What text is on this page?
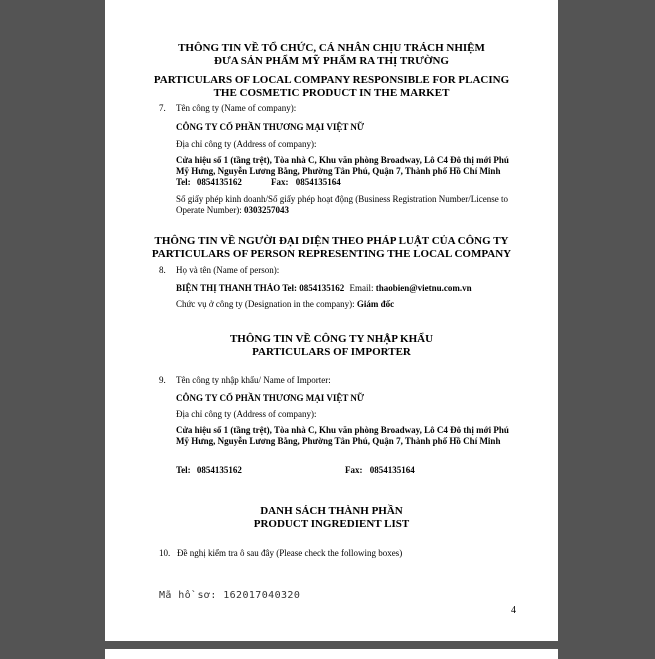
THÔNG TIN VỀ TỔ CHỨC, CÁ NHÂN CHỊU TRÁCH NHIỆM
ĐƯA SẢN PHẨM MỸ PHẨM RA THỊ TRƯỜNG
PARTICULARS OF LOCAL COMPANY RESPONSIBLE FOR PLACING
THE COSMETIC PRODUCT IN THE MARKET
7. Tên công ty (Name of company):
CÔNG TY CỔ PHẦN THƯƠNG MẠI VIỆT NỮ
Địa chỉ công ty (Address of company):
Cửa hiệu số 1 (tầng trệt), Tòa nhà C, Khu văn phòng Broadway, Lô C4 Đô thị mới Phú
Mỹ Hưng, Nguyễn Lương Bằng, Phường Tân Phú, Quận 7, Thành phố Hồ Chí Minh
Tel: 0854135162	Fax: 0854135164
Số giấy phép kinh doanh/Số giấy phép hoạt động (Business Registration Number/License to
Operate Number): 0303257043
THÔNG TIN VỀ NGƯỜI ĐẠI DIỆN THEO PHÁP LUẬT CỦA CÔNG TY
PARTICULARS OF PERSON REPRESENTING THE LOCAL COMPANY
8. Họ và tên (Name of person):
BIỆN THỊ THANH THẢO Tel: 0854135162 Email: thaobien@vietnu.com.vn
Chức vụ ở công ty (Designation in the company): Giám đốc
THÔNG TIN VỀ CÔNG TY NHẬP KHẨU
PARTICULARS OF IMPORTER
9. Tên công ty nhập khẩu/ Name of Importer:
CÔNG TY CỔ PHẦN THƯƠNG MẠI VIỆT NỮ
Địa chỉ công ty (Address of company):
Cửa hiệu số 1 (tầng trệt), Tòa nhà C, Khu văn phòng Broadway, Lô C4 Đô thị mới Phú
Mỹ Hưng, Nguyễn Lương Bằng, Phường Tân Phú, Quận 7, Thành phố Hồ Chí Minh
Tel: 0854135162	Fax: 0854135164
DANH SÁCH THÀNH PHẦN
PRODUCT INGREDIENT LIST
10. Đề nghị kiểm tra ô sau đây (Please check the following boxes)
Mã hồ sơ: 162017040320
4
